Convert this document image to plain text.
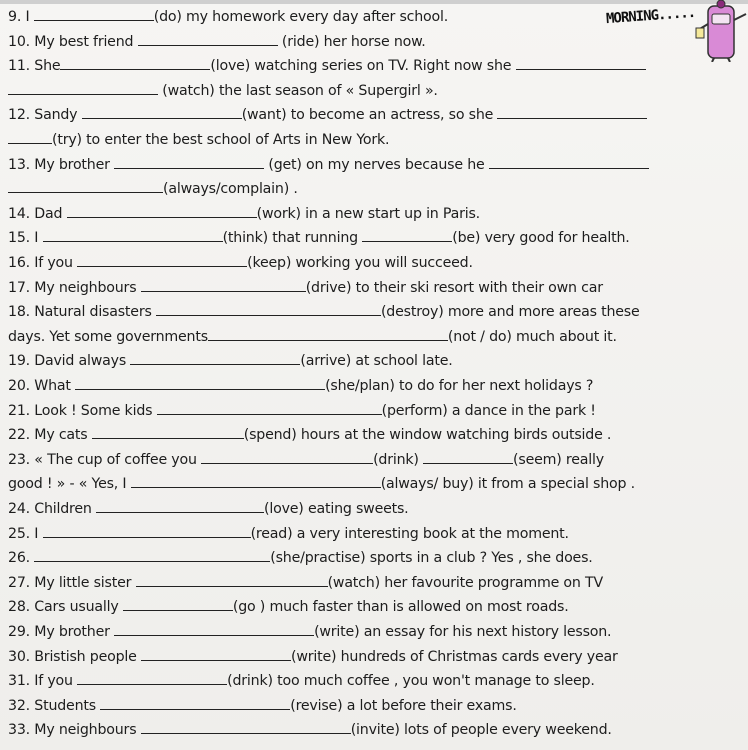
9. I	(do) my homework every day after school.
10. My best friend	(ride) her horse now.
11. She	(love) watching series on TV. Right now she
(watch) the last season of « Supergirl ».
12. Sandy	(want) to become an actress, so she
(try) to enter the best school of Arts in New York.
13. My brother	(get) on my nerves because he
(always/complain) .
14. Dad	(work) in a new start up in Paris.
15. I	(think) that running	(be) very good for health.
16. If you	(keep) working you will succeed.
17. My neighbours	(drive) to their ski resort with their own car
18. Natural disasters	(destroy) more and more areas these
days. Yet some governments	(not / do) much about it.
19. David always	(arrive) at school late.
20. What	(she/plan) to do for her next holidays ?
21. Look ! Some kids	(perform) a dance in the park !
22. My cats	(spend) hours at the window watching birds outside .
23. « The cup of coffee you	(drink)	(seem) really
good ! » - « Yes, I	(always/ buy) it from a special shop .
24. Children	(love) eating sweets.
25. I	(read) a very interesting book at the moment.
26.	(she/practise) sports in a club ? Yes , she does.
27. My little sister	(watch) her favourite programme on TV
28. Cars usually	(go ) much faster than is allowed on most roads.
29. My brother	(write) an essay for his next history lesson.
30. Bristish people	(write) hundreds of Christmas cards every year
31. If you	(drink) too much coffee , you won't manage to sleep.
32. Students	(revise) a lot before their exams.
33. My neighbours	(invite) lots of people every weekend.
MORNING.....
